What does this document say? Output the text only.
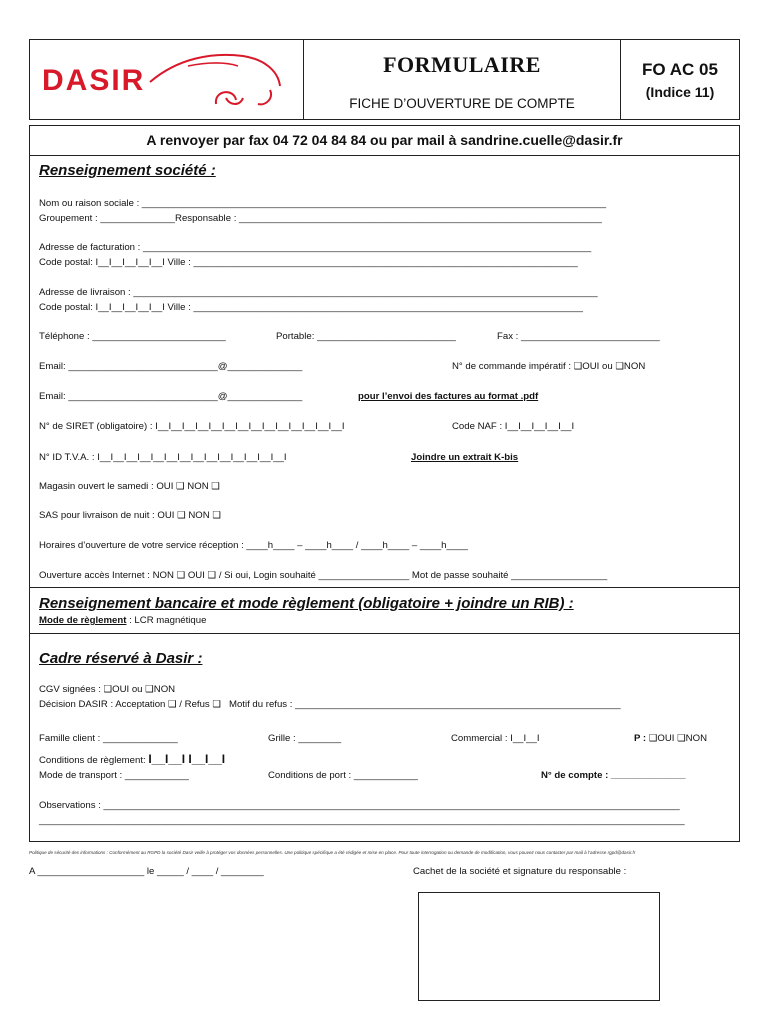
DASIR	FORMULAIRE
FICHE D’OUVERTURE DE COMPTE
FO AC 05
(Indice 11)
A renvoyer par fax 04 72 04 84 84 ou par mail à sandrine.cuelle@dasir.fr
Renseignement société :
Nom ou raison sociale : _______________________________________________________________________________________
Groupement : ______________Responsable : ____________________________________________________________________
Adresse de facturation : ____________________________________________________________________________________
Code postal: I__I__I__I__I__I Ville : ________________________________________________________________________
Adresse de livraison : _______________________________________________________________________________________
Code postal: I__I__I__I__I__I Ville : _________________________________________________________________________
Téléphone : _________________________	Portable: __________________________	Fax : __________________________
Email: ____________________________@______________	N° de commande impératif : ❑OUI ou ❑NON
Email: ____________________________@______________	pour l’envoi des factures au format .pdf
N° de SIRET (obligatoire) : I__I__I__I__I__I__I__I__I__I__I__I__I__I__I	Code NAF : I__I__I__I__I__I
N° ID T.V.A. : I__I__I__I__I__I__I__I__I__I__I__I__I__I__I	Joindre un extrait K-bis
Magasin ouvert le samedi : OUI ❑ NON ❑
SAS pour livraison de nuit : OUI ❑ NON ❑
Horaires d’ouverture de votre service réception : ____h____ – ____h____ / ____h____ – ____h____
Ouverture accès Internet : NON ❑ OUI ❑ / Si oui, Login souhaité _________________ Mot de passe souhaité __________________
Renseignement bancaire et mode règlement (obligatoire + joindre un RIB) :
Mode de règlement : LCR magnétique
Cadre réservé à Dasir :
CGV signées : ❑OUI ou ❑NON
Décision DASIR : Acceptation ❑ / Refus ❑   Motif du refus : _____________________________________________________________
Famille client : ______________	Grille : ________	Commercial : I__I__I	P : ❑OUI ❑NON
Conditions de règlement: I__I__I I__I__I
Mode de transport : ____________	Conditions de port : ____________	N° de compte : ______________
Observations : ____________________________________________________________________________________________________________
_________________________________________________________________________________________________________________________
Politique de sécurité des informations : Conformément au RGPD la société Dasir veille à protéger vos données personnelles. Une politique spécifique a été rédigée et mise en place. Pour toute interrogation ou demande de modification, vous pouvez nous contacter par mail à l’adresse rgpd@dasir.fr
A ____________________ le _____ / ____ / ________	Cachet de la société et signature du responsable :
